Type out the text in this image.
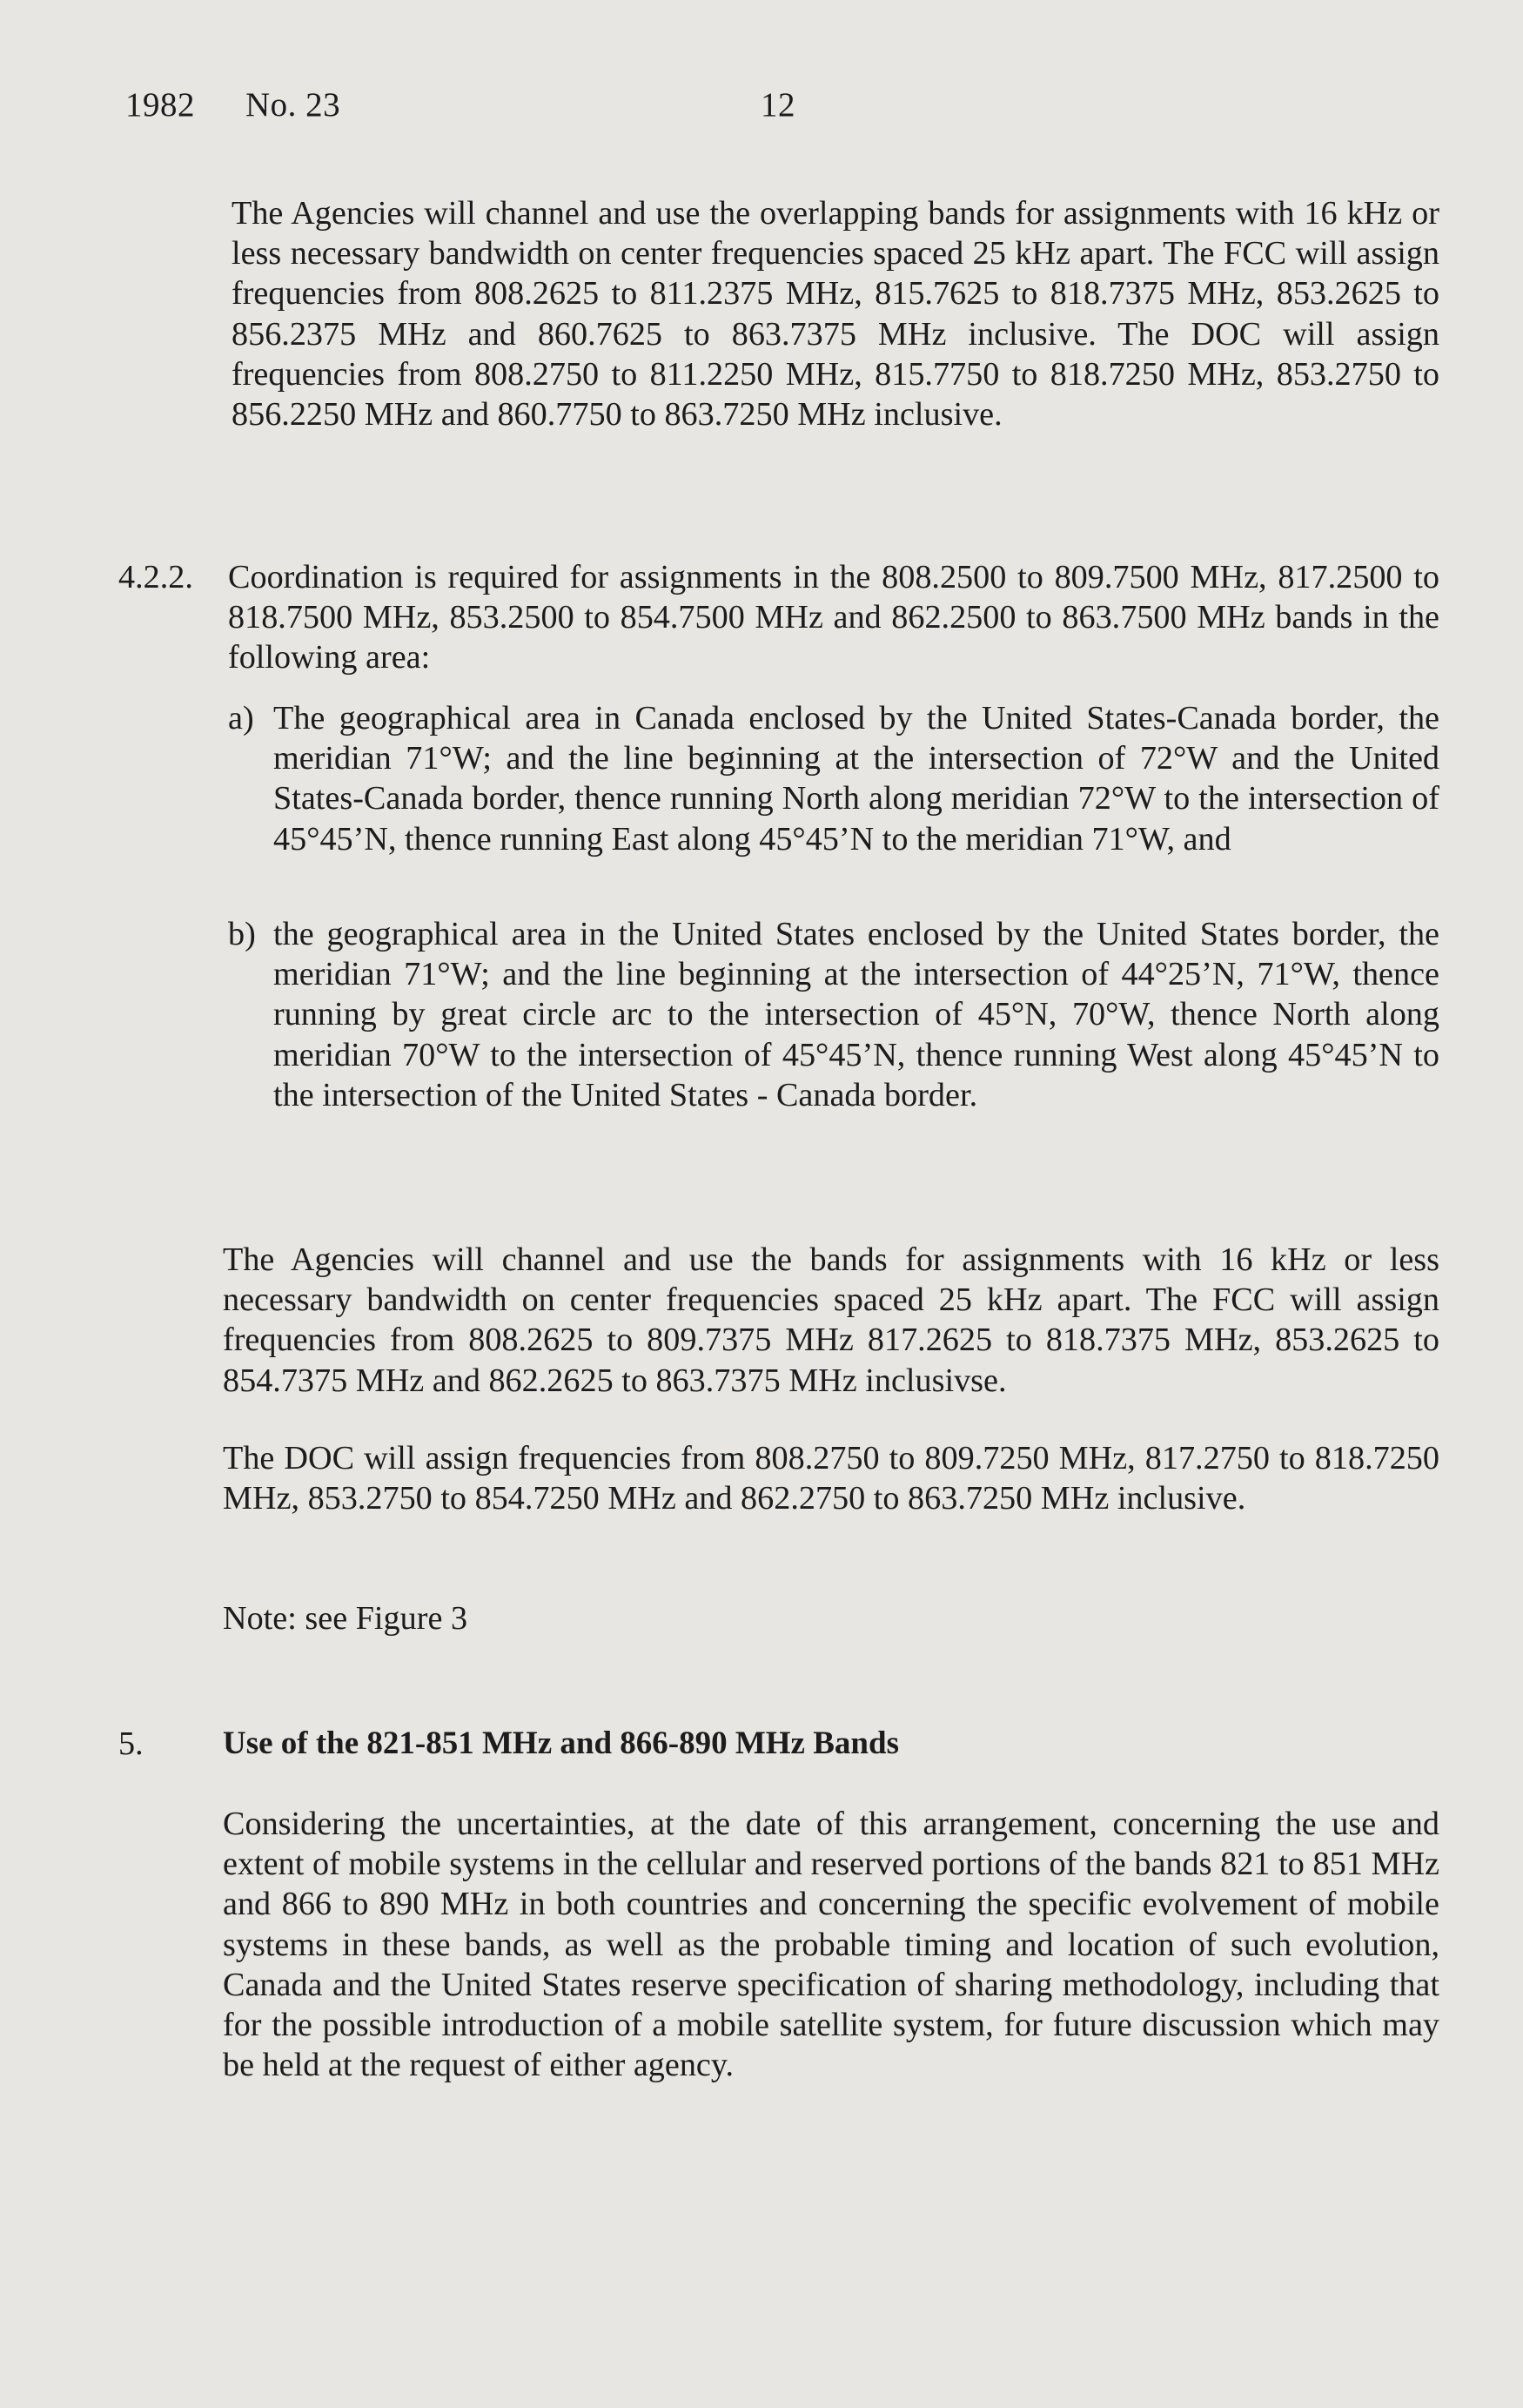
1982 No. 23	12

The Agencies will channel and use the overlapping bands for assignments with 16 kHz or less necessary bandwidth on center frequencies spaced 25 kHz apart. The FCC will assign frequencies from 808.2625 to 811.2375 MHz, 815.7625 to 818.7375 MHz, 853.2625 to 856.2375 MHz and 860.7625 to 863.7375 MHz inclusive. The DOC will assign frequencies from 808.2750 to 811.2250 MHz, 815.7750 to 818.7250 MHz, 853.2750 to 856.2250 MHz and 860.7750 to 863.7250 MHz inclusive.

4.2.2. Coordination is required for assignments in the 808.2500 to 809.7500 MHz, 817.2500 to 818.7500 MHz, 853.2500 to 854.7500 MHz and 862.2500 to 863.7500 MHz bands in the following area:

a) The geographical area in Canada enclosed by the United States-Canada border, the meridian 71°W; and the line beginning at the intersection of 72°W and the United States-Canada border, thence running North along meridian 72°W to the intersection of 45°45’N, thence running East along 45°45’N to the meridian 71°W, and

b) the geographical area in the United States enclosed by the United States border, the meridian 71°W; and the line beginning at the intersection of 44°25’N, 71°W, thence running by great circle arc to the intersection of 45°N, 70°W, thence North along meridian 70°W to the intersection of 45°45’N, thence running West along 45°45’N to the intersection of the United States - Canada border.

The Agencies will channel and use the bands for assignments with 16 kHz or less necessary bandwidth on center frequencies spaced 25 kHz apart. The FCC will assign frequencies from 808.2625 to 809.7375 MHz 817.2625 to 818.7375 MHz, 853.2625 to 854.7375 MHz and 862.2625 to 863.7375 MHz inclusivse.

The DOC will assign frequencies from 808.2750 to 809.7250 MHz, 817.2750 to 818.7250 MHz, 853.2750 to 854.7250 MHz and 862.2750 to 863.7250 MHz inclusive.

Note: see Figure 3
5. Use of the 821-851 MHz and 866-890 MHz Bands

Considering the uncertainties, at the date of this arrangement, concerning the use and extent of mobile systems in the cellular and reserved portions of the bands 821 to 851 MHz and 866 to 890 MHz in both countries and concerning the specific evolvement of mobile systems in these bands, as well as the probable timing and location of such evolution, Canada and the United States reserve specification of sharing methodology, including that for the possible introduction of a mobile satellite system, for future discussion which may be held at the request of either agency.
